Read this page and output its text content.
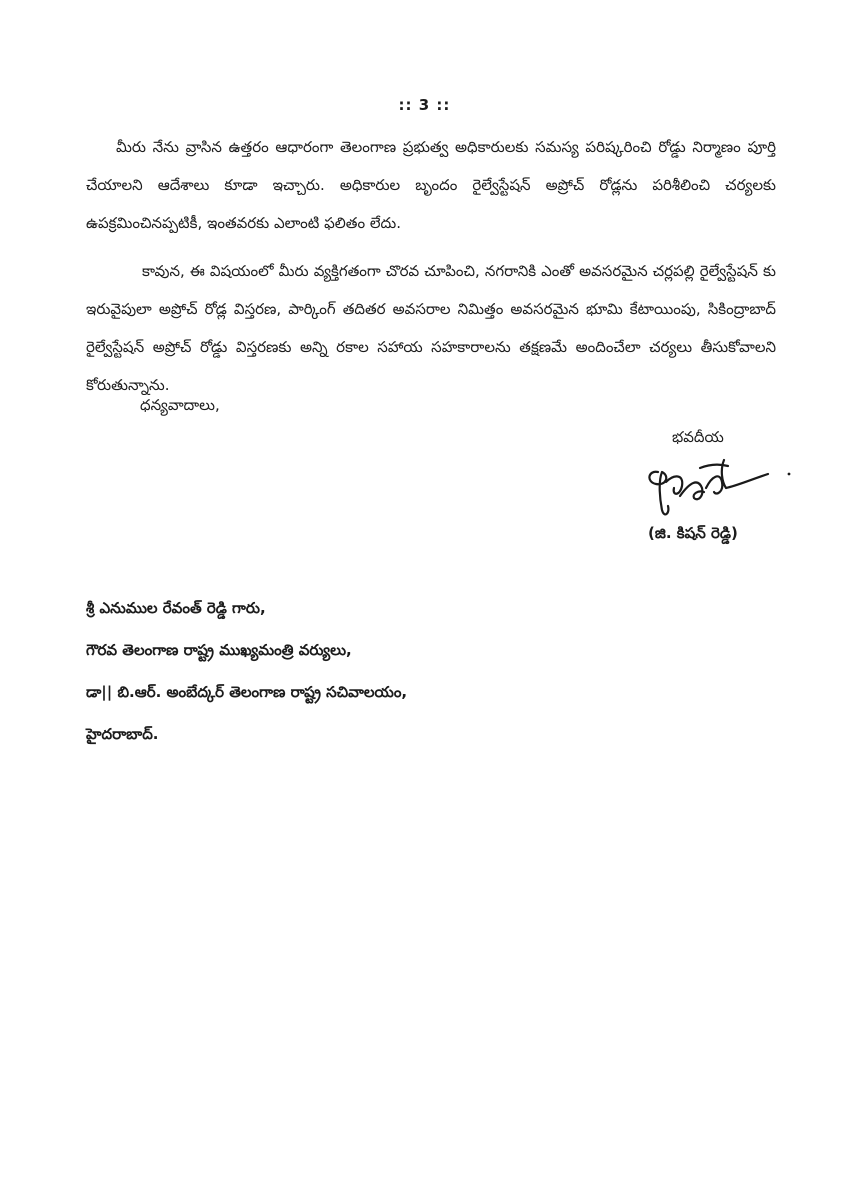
:: 3 ::

మీరు నేను వ్రాసిన ఉత్తరం ఆధారంగా తెలంగాణ ప్రభుత్వ అధికారులకు సమస్య పరిష్కరించి రోడ్డు నిర్మాణం పూర్తి చేయాలని ఆదేశాలు కూడా ఇచ్చారు. అధికారుల బృందం రైల్వేస్టేషన్ అప్రోచ్ రోడ్లను పరిశీలించి చర్యలకు ఉపక్రమించినప్పటికీ, ఇంతవరకు ఎలాంటి ఫలితం లేదు.

కావున, ఈ విషయంలో మీరు వ్యక్తిగతంగా చొరవ చూపించి, నగరానికి ఎంతో అవసరమైన చర్లపల్లి రైల్వేస్టేషన్ కు ఇరువైపులా అప్రోచ్ రోడ్ల విస్తరణ, పార్కింగ్ తదితర అవసరాల నిమిత్తం అవసరమైన భూమి కేటాయింపు, సికింద్రాబాద్ రైల్వేస్టేషన్ అప్రోచ్ రోడ్డు విస్తరణకు అన్ని రకాల సహాయ సహకారాలను తక్షణమే అందించేలా చర్యలు తీసుకోవాలని కోరుతున్నాను.

ధన్యవాదాలు,
భవదీయ
(జి. కిషన్ రెడ్డి)
శ్రీ ఎనుముల రేవంత్ రెడ్డి గారు,
గౌరవ తెలంగాణ రాష్ట్ర ముఖ్యమంత్రి వర్యులు,
డా|| బి.ఆర్. అంబేద్కర్ తెలంగాణ రాష్ట్ర సచివాలయం,
హైదరాబాద్.
